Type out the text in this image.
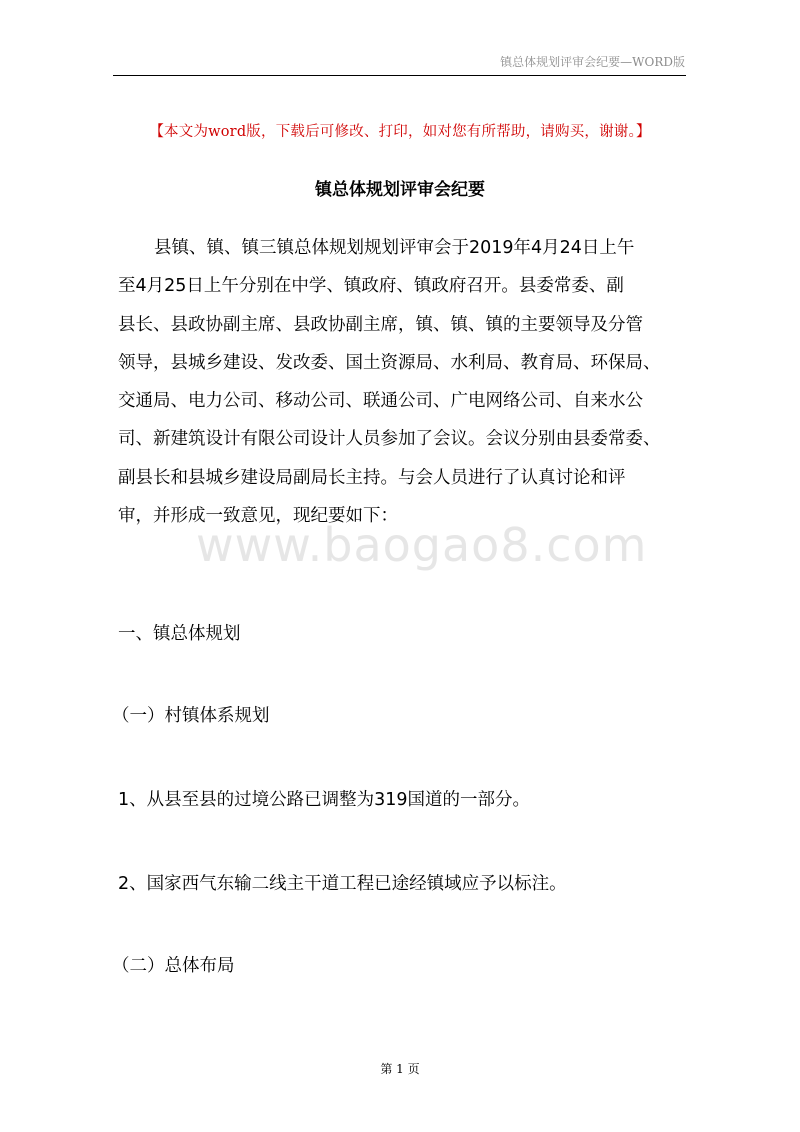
镇总体规划评审会纪要—WORD版
【本文为word版，下载后可修改、打印，如对您有所帮助，请购买，谢谢。】
镇总体规划评审会纪要
县镇、镇、镇三镇总体规划规划评审会于2019年4月24日上午
至4月25日上午分别在中学、镇政府、镇政府召开。县委常委、副
县长、县政协副主席、县政协副主席，镇、镇、镇的主要领导及分管
领导，县城乡建设、发改委、国土资源局、水利局、教育局、环保局、
交通局、电力公司、移动公司、联通公司、广电网络公司、自来水公
司、新建筑设计有限公司设计人员参加了会议。会议分别由县委常委、
副县长和县城乡建设局副局长主持。与会人员进行了认真讨论和评
审，并形成一致意见，现纪要如下：
www.baogao8.com
一、镇总体规划
（一）村镇体系规划
1、从县至县的过境公路已调整为319国道的一部分。
2、国家西气东输二线主干道工程已途经镇域应予以标注。
（二）总体布局
第 1 页
